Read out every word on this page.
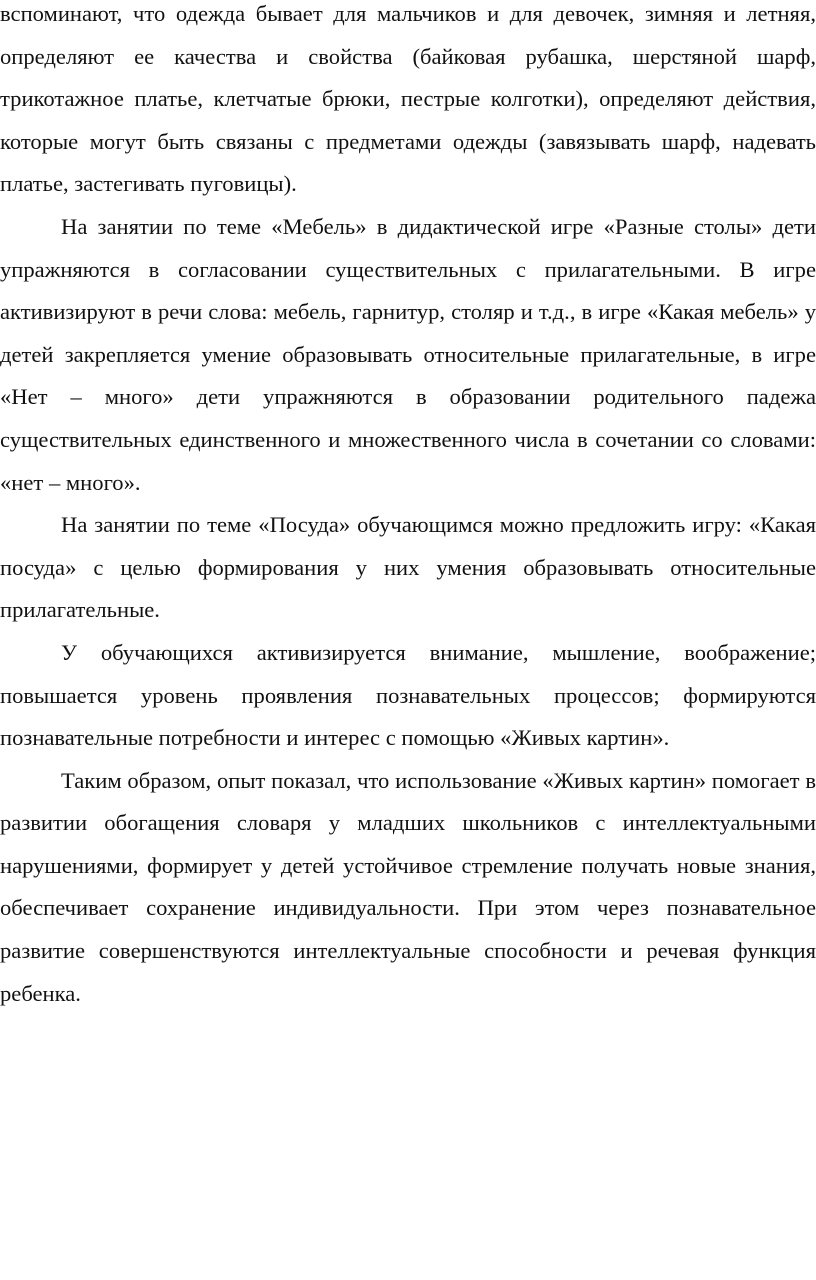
вспоминают, что одежда бывает для мальчиков и для девочек, зимняя и летняя, определяют ее качества и свойства (байковая рубашка, шерстяной шарф, трикотажное платье, клетчатые брюки, пестрые колготки), определяют действия, которые могут быть связаны с предметами одежды (завязывать шарф, надевать платье, застегивать пуговицы).

На занятии по теме «Мебель» в дидактической игре «Разные столы» дети упражняются в согласовании существительных с прилагательными. В игре активизируют в речи слова: мебель, гарнитур, столяр и т.д., в игре «Какая мебель» у детей закрепляется умение образовывать относительные прилагательные, в игре «Нет – много» дети упражняются в образовании родительного падежа существительных единственного и множественного числа в сочетании со словами: «нет – много».

На занятии по теме «Посуда» обучающимся можно предложить игру: «Какая посуда» с целью формирования у них умения образовывать относительные прилагательные.

У обучающихся активизируется внимание, мышление, воображение; повышается уровень проявления познавательных процессов; формируются познавательные потребности и интерес с помощью «Живых картин».

Таким образом, опыт показал, что использование «Живых картин» помогает в развитии обогащения словаря у младших школьников с интеллектуальными нарушениями, формирует у детей устойчивое стремление получать новые знания, обеспечивает сохранение индивидуальности. При этом через познавательное развитие совершенствуются интеллектуальные способности и речевая функция ребенка.
